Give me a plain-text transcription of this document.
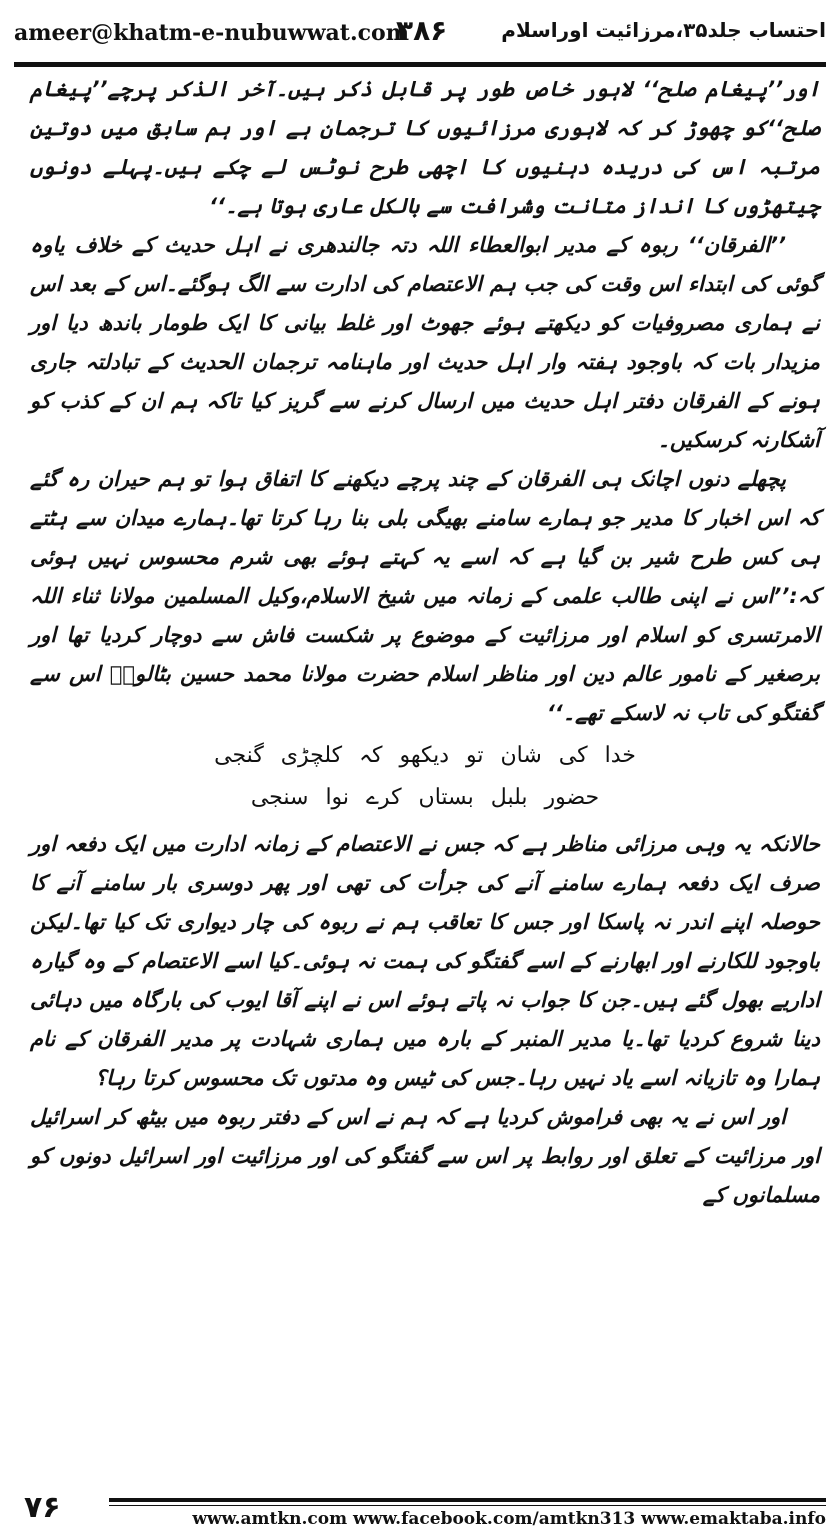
ameer@khatm-e-nubuwwat.com
۳۸۶	احتساب جلد۳۵،مرزائیت اوراسلام

اور’’پیغام صلح‘‘ لاہور خاص طور پر قابل ذکر ہیں۔آخر الذکر پرچے’’پیغام صلح‘‘کو چھوڑ کر کہ لاہوری مرزائیوں کا ترجمان ہے اور ہم سابق میں دوتین مرتبہ اس کی دریدہ دہنیوں کا اچھی طرح نوٹس لے چکے ہیں۔پہلے دونوں چیتھڑوں کا انداز متانت وشرافت سے بالکل عاری ہوتا ہے۔‘‘

’’الفرقان‘‘ ربوہ کے مدیر ابوالعطاء اللہ دتہ جالندھری نے اہل حدیث کے خلاف یاوہ گوئی کی ابتداء اس وقت کی جب ہم الاعتصام کی ادارت سے الگ ہوگئے۔اس کے بعد اس نے ہماری مصروفیات کو دیکھتے ہوئے جھوٹ اور غلط بیانی کا ایک طومار باندھ دیا اور مزیدار بات کہ باوجود ہفتہ وار اہل حدیث اور ماہنامہ ترجمان الحدیث کے تبادلتہ جاری ہونے کے الفرقان دفتر اہل حدیث میں ارسال کرنے سے گریز کیا تاکہ ہم ان کے کذب کو آشکارنہ کرسکیں۔

پچھلے دنوں اچانک ہی الفرقان کے چند پرچے دیکھنے کا اتفاق ہوا تو ہم حیران رہ گئے کہ اس اخبار کا مدیر جو ہمارے سامنے بھیگی بلی بنا رہا کرتا تھا۔ہمارے میدان سے ہٹتے ہی کس طرح شیر بن گیا ہے کہ اسے یہ کہتے ہوئے بھی شرم محسوس نہیں ہوئی کہ:’’اس نے اپنی طالب علمی کے زمانہ میں شیخ الاسلام،وکیل المسلمین مولانا ثناء اللہ الامرتسری کو اسلام اور مرزائیت کے موضوع پر شکست فاش سے دوچار کردیا تھا اور برصغیر کے نامور عالم دین اور مناظر اسلام حضرت مولانا محمد حسین بٹالویؒ اس سے گفتگو کی تاب نہ لاسکے تھے۔‘‘

خدا کی شان تو دیکھو کہ کلچڑی گنجی
حضور بلبل بستاں کرے نوا سنجی

حالانکہ یہ وہی مرزائی مناظر ہے کہ جس نے الاعتصام کے زمانہ ادارت میں ایک دفعہ اور صرف ایک دفعہ ہمارے سامنے آنے کی جرأت کی تھی اور پھر دوسری بار سامنے آنے کا حوصلہ اپنے اندر نہ پاسکا اور جس کا تعاقب ہم نے ربوہ کی چار دیواری تک کیا تھا۔لیکن باوجود للکارنے اور ابھارنے کے اسے گفتگو کی ہمت نہ ہوئی۔کیا اسے الاعتصام کے وہ گیارہ اداریے بھول گئے ہیں۔جن کا جواب نہ پاتے ہوئے اس نے اپنے آقا ایوب کی بارگاہ میں دہائی دینا شروع کردیا تھا۔یا مدیر المنبر کے بارہ میں ہماری شہادت پر مدیر الفرقان کے نام ہمارا وہ تازیانہ اسے یاد نہیں رہا۔جس کی ٹیس وہ مدتوں تک محسوس کرتا رہا؟

اور اس نے یہ بھی فراموش کردیا ہے کہ ہم نے اس کے دفتر ربوہ میں بیٹھ کر اسرائیل اور مرزائیت کے تعلق اور روابط پر اس سے گفتگو کی اور مرزائیت اور اسرائیل دونوں کو مسلمانوں کے

۷۶	www.amtkn.com www.facebook.com/amtkn313 www.emaktaba.info
